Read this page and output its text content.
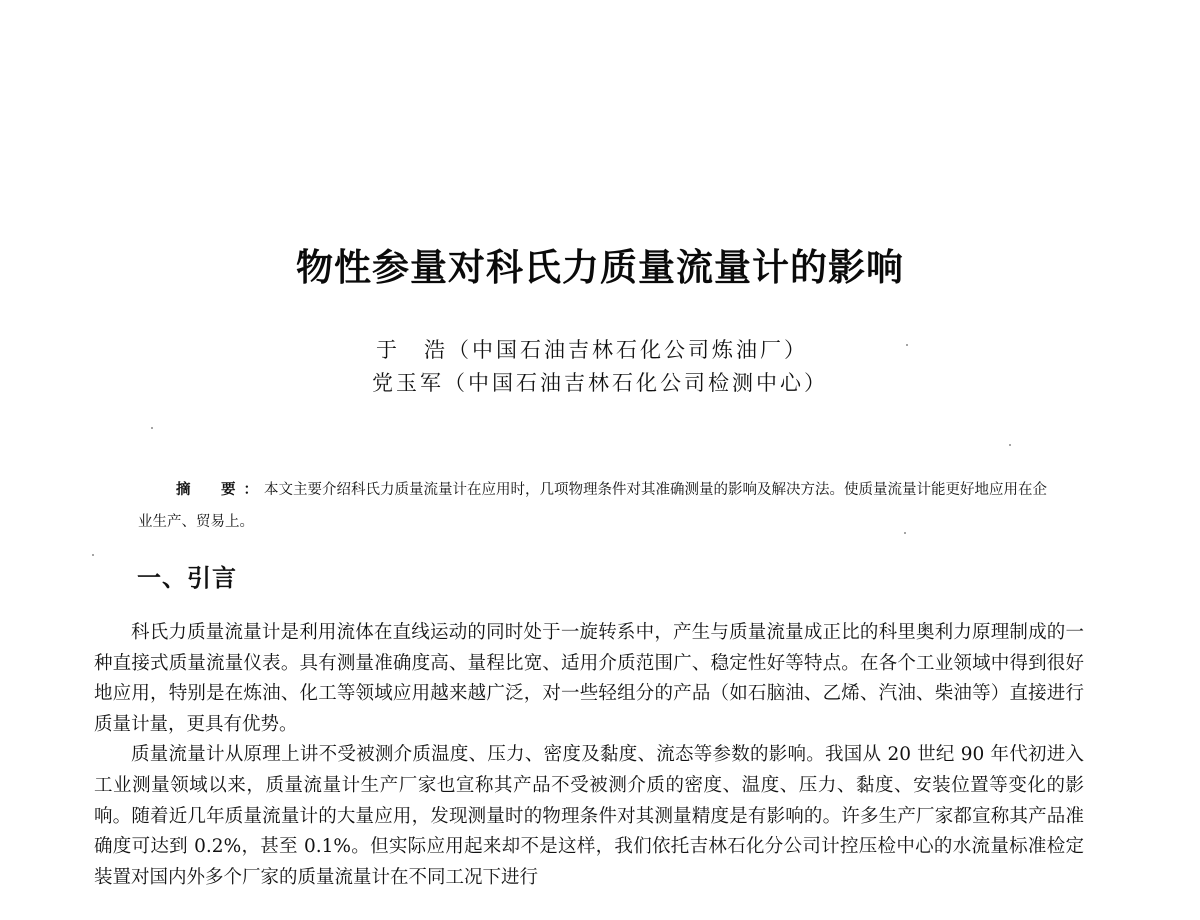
物性参量对科氏力质量流量计的影响
于　浩（中国石油吉林石化公司炼油厂）
党玉军（中国石油吉林石化公司检测中心）
摘　要： 本文主要介绍科氏力质量流量计在应用时，几项物理条件对其准确测量的影响及解决方法。使质量流量计能更好地应用在企业生产、贸易上。
一、引言

科氏力质量流量计是利用流体在直线运动的同时处于一旋转系中，产生与质量流量成正比的科里奥利力原理制成的一种直接式质量流量仪表。具有测量准确度高、量程比宽、适用介质范围广、稳定性好等特点。在各个工业领域中得到很好地应用，特别是在炼油、化工等领域应用越来越广泛，对一些轻组分的产品（如石脑油、乙烯、汽油、柴油等）直接进行质量计量，更具有优势。

质量流量计从原理上讲不受被测介质温度、压力、密度及黏度、流态等参数的影响。我国从 20 世纪 90 年代初进入工业测量领域以来，质量流量计生产厂家也宣称其产品不受被测介质的密度、温度、压力、黏度、安装位置等变化的影响。随着近几年质量流量计的大量应用，发现测量时的物理条件对其测量精度是有影响的。许多生产厂家都宣称其产品准确度可达到 0.2%，甚至 0.1%。但实际应用起来却不是这样，我们依托吉林石化分公司计控压检中心的水流量标准检定装置对国内外多个厂家的质量流量计在不同工况下进行
